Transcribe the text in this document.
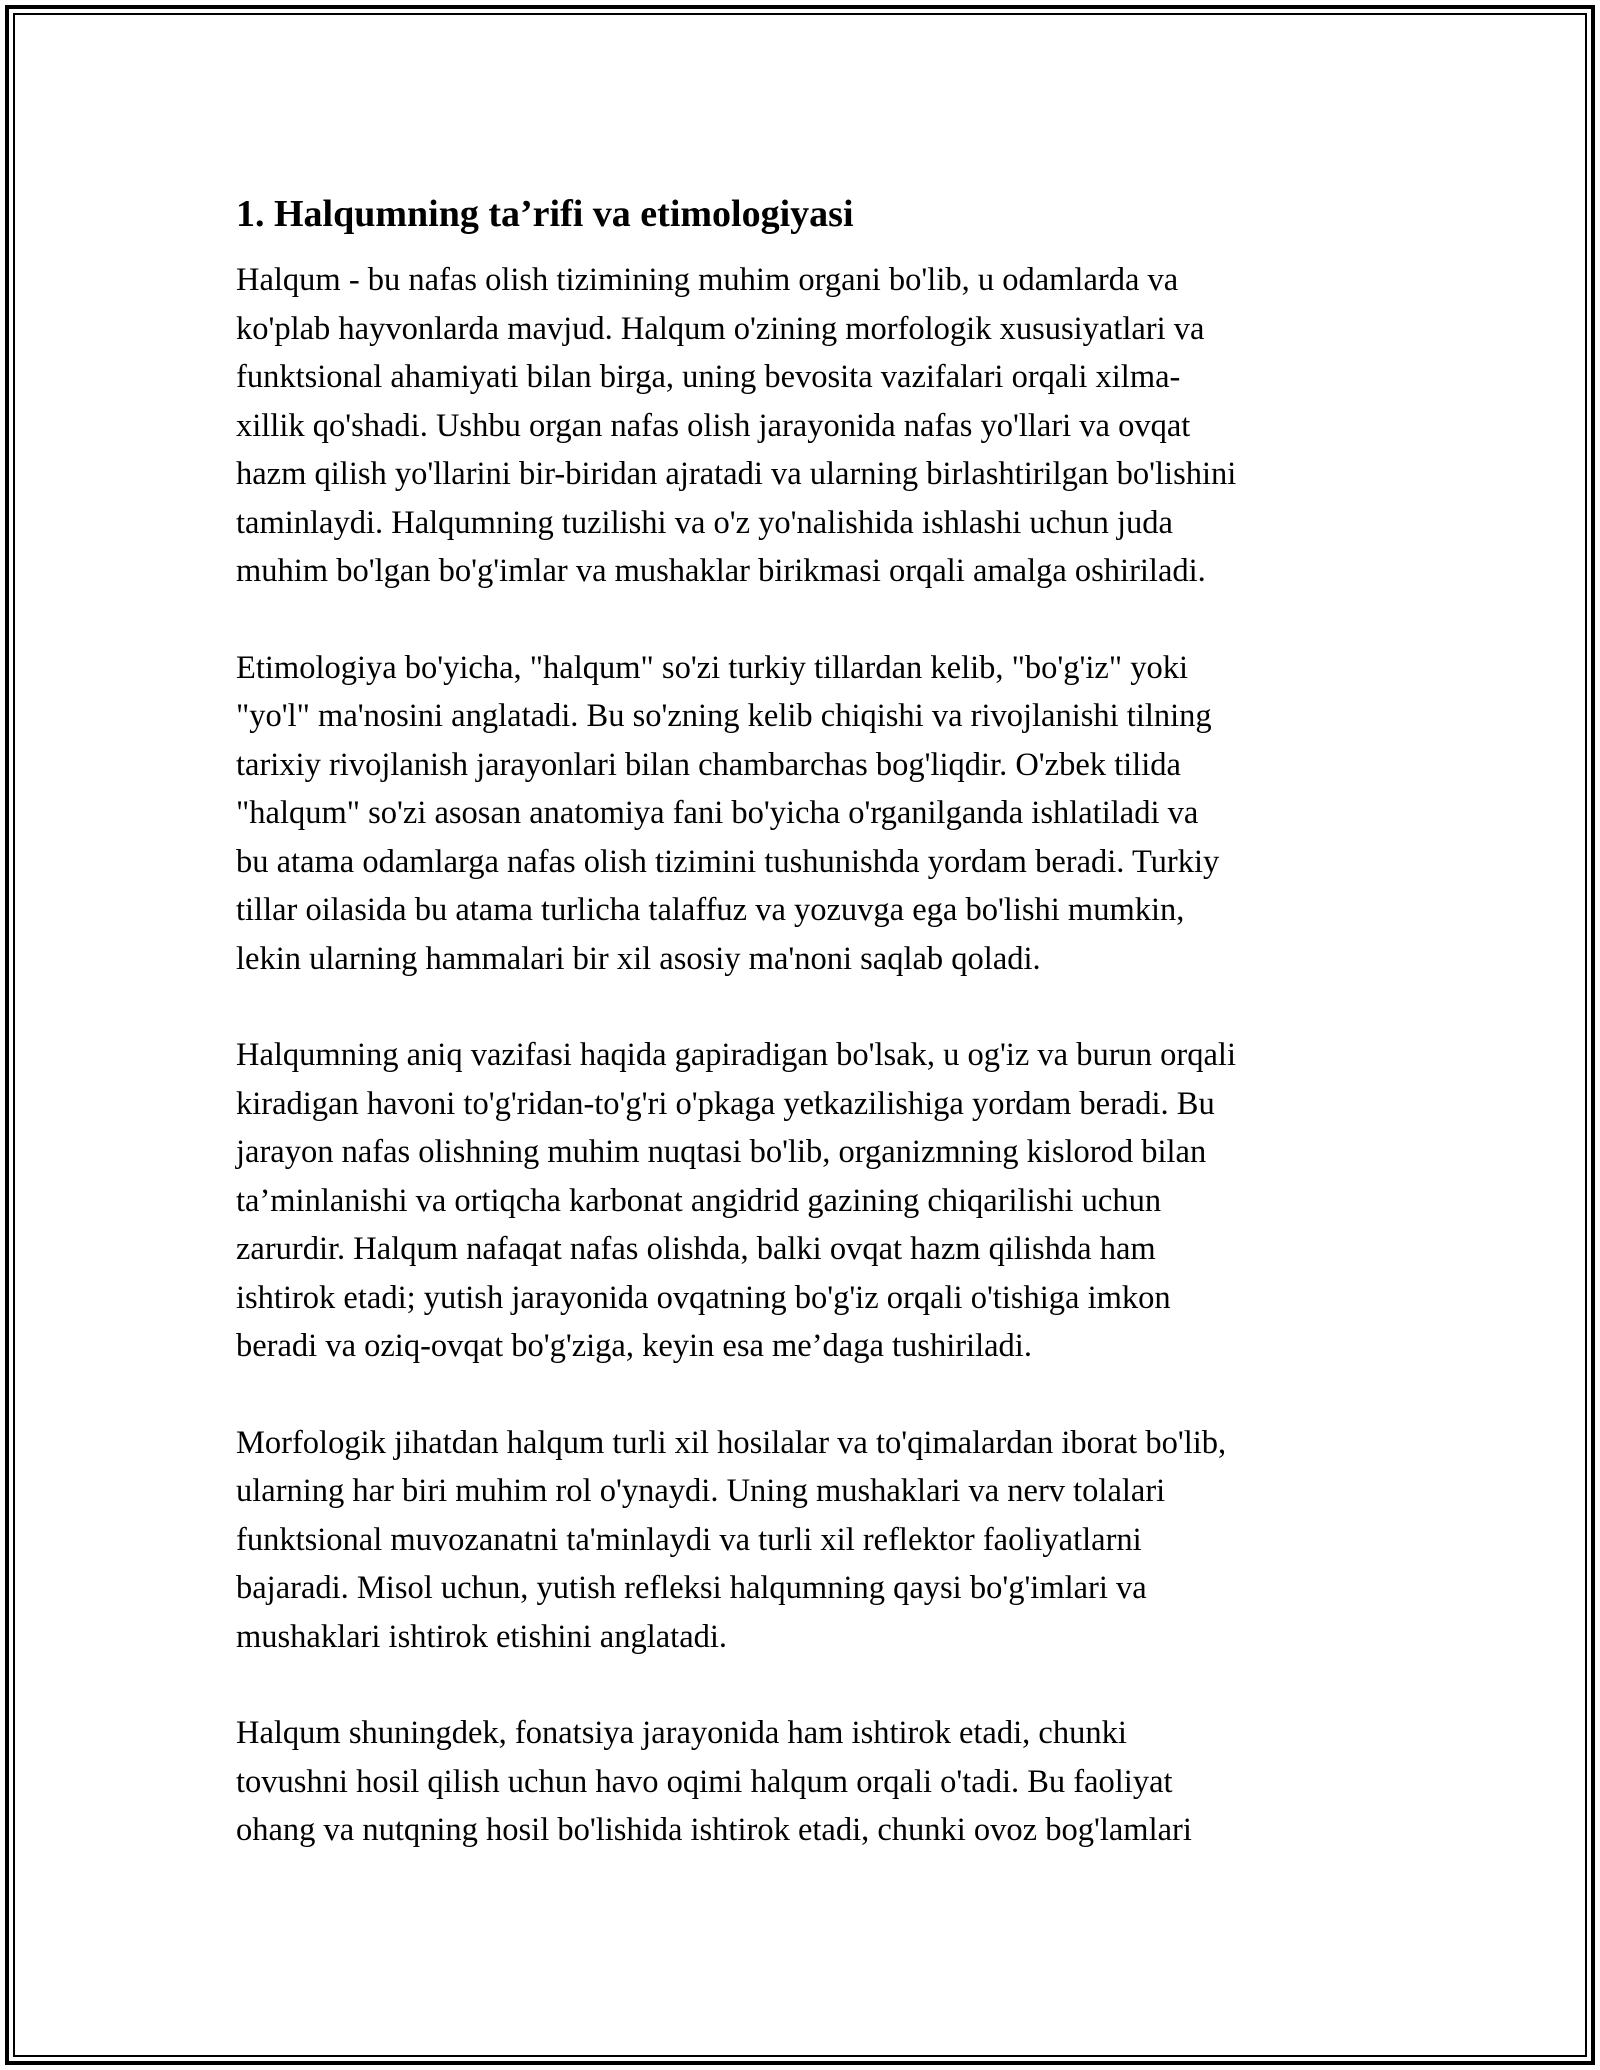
1. Halqumning ta’rifi va etimologiyasi

Halqum - bu nafas olish tizimining muhim organi bo'lib, u odamlarda va
ko'plab hayvonlarda mavjud. Halqum o'zining morfologik xususiyatlari va
funktsional ahamiyati bilan birga, uning bevosita vazifalari orqali xilma-
xillik qo'shadi. Ushbu organ nafas olish jarayonida nafas yo'llari va ovqat
hazm qilish yo'llarini bir-biridan ajratadi va ularning birlashtirilgan bo'lishini
taminlaydi. Halqumning tuzilishi va o'z yo'nalishida ishlashi uchun juda
muhim bo'lgan bo'g'imlar va mushaklar birikmasi orqali amalga oshiriladi.

Etimologiya bo'yicha, "halqum" so'zi turkiy tillardan kelib, "bo'g'iz" yoki
"yo'l" ma'nosini anglatadi. Bu so'zning kelib chiqishi va rivojlanishi tilning
tarixiy rivojlanish jarayonlari bilan chambarchas bog'liqdir. O'zbek tilida
"halqum" so'zi asosan anatomiya fani bo'yicha o'rganilganda ishlatiladi va
bu atama odamlarga nafas olish tizimini tushunishda yordam beradi. Turkiy
tillar oilasida bu atama turlicha talaffuz va yozuvga ega bo'lishi mumkin,
lekin ularning hammalari bir xil asosiy ma'noni saqlab qoladi.

Halqumning aniq vazifasi haqida gapiradigan bo'lsak, u og'iz va burun orqali
kiradigan havoni to'g'ridan-to'g'ri o'pkaga yetkazilishiga yordam beradi. Bu
jarayon nafas olishning muhim nuqtasi bo'lib, organizmning kislorod bilan
ta’minlanishi va ortiqcha karbonat angidrid gazining chiqarilishi uchun
zarurdir. Halqum nafaqat nafas olishda, balki ovqat hazm qilishda ham
ishtirok etadi; yutish jarayonida ovqatning bo'g'iz orqali o'tishiga imkon
beradi va oziq-ovqat bo'g'ziga, keyin esa me’daga tushiriladi.

Morfologik jihatdan halqum turli xil hosilalar va to'qimalardan iborat bo'lib,
ularning har biri muhim rol o'ynaydi. Uning mushaklari va nerv tolalari
funktsional muvozanatni ta'minlaydi va turli xil reflektor faoliyatlarni
bajaradi. Misol uchun, yutish refleksi halqumning qaysi bo'g'imlari va
mushaklari ishtirok etishini anglatadi.

Halqum shuningdek, fonatsiya jarayonida ham ishtirok etadi, chunki
tovushni hosil qilish uchun havo oqimi halqum orqali o'tadi. Bu faoliyat
ohang va nutqning hosil bo'lishida ishtirok etadi, chunki ovoz bog'lamlari
